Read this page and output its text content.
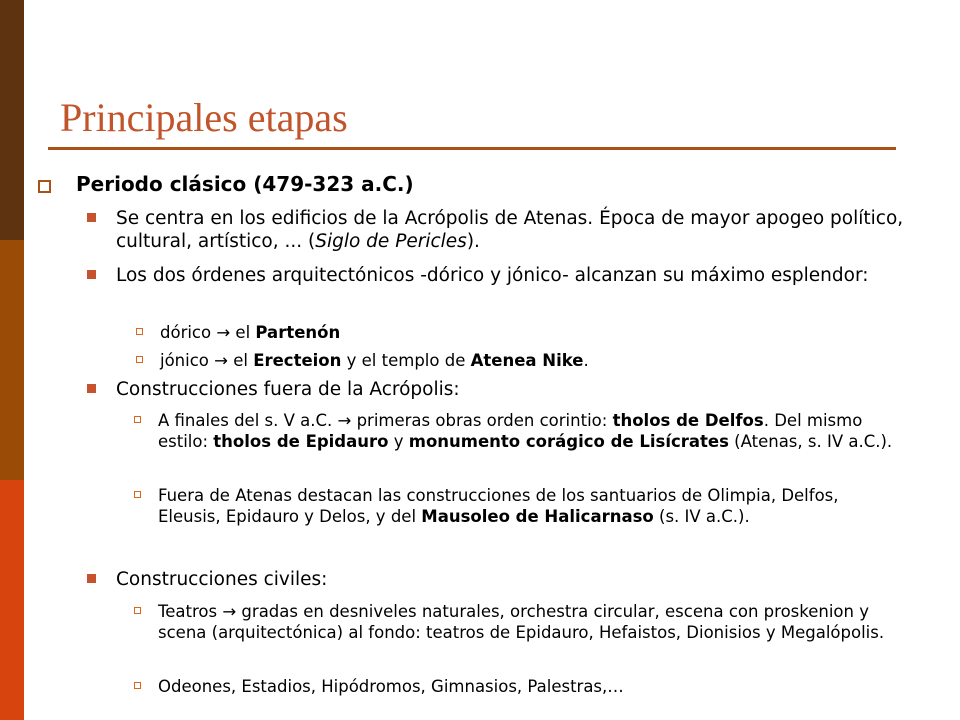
Principales etapas
Periodo clásico (479-323 a.C.)
Se centra en los edificios de la Acrópolis de Atenas. Época de mayor apogeo político, cultural, artístico, ... (Siglo de Pericles).
Los dos órdenes arquitectónicos -dórico y jónico- alcanzan su máximo esplendor:
dórico → el Partenón
jónico → el Erecteion y el templo de Atenea Nike.
Construcciones fuera de la Acrópolis:
A finales del s. V a.C. → primeras obras orden corintio: tholos de Delfos. Del mismo estilo: tholos de Epidauro y monumento corágico de Lisícrates (Atenas, s. IV a.C.).
Fuera de Atenas destacan las construcciones de los santuarios de Olimpia, Delfos, Eleusis, Epidauro y Delos, y del Mausoleo de Halicarnaso (s. IV a.C.).
Construcciones civiles:
Teatros → gradas en desniveles naturales, orchestra circular, escena con proskenion y scena (arquitectónica) al fondo: teatros de Epidauro, Hefaistos, Dionisios y Megalópolis.
Odeones, Estadios, Hipódromos, Gimnasios, Palestras,…
